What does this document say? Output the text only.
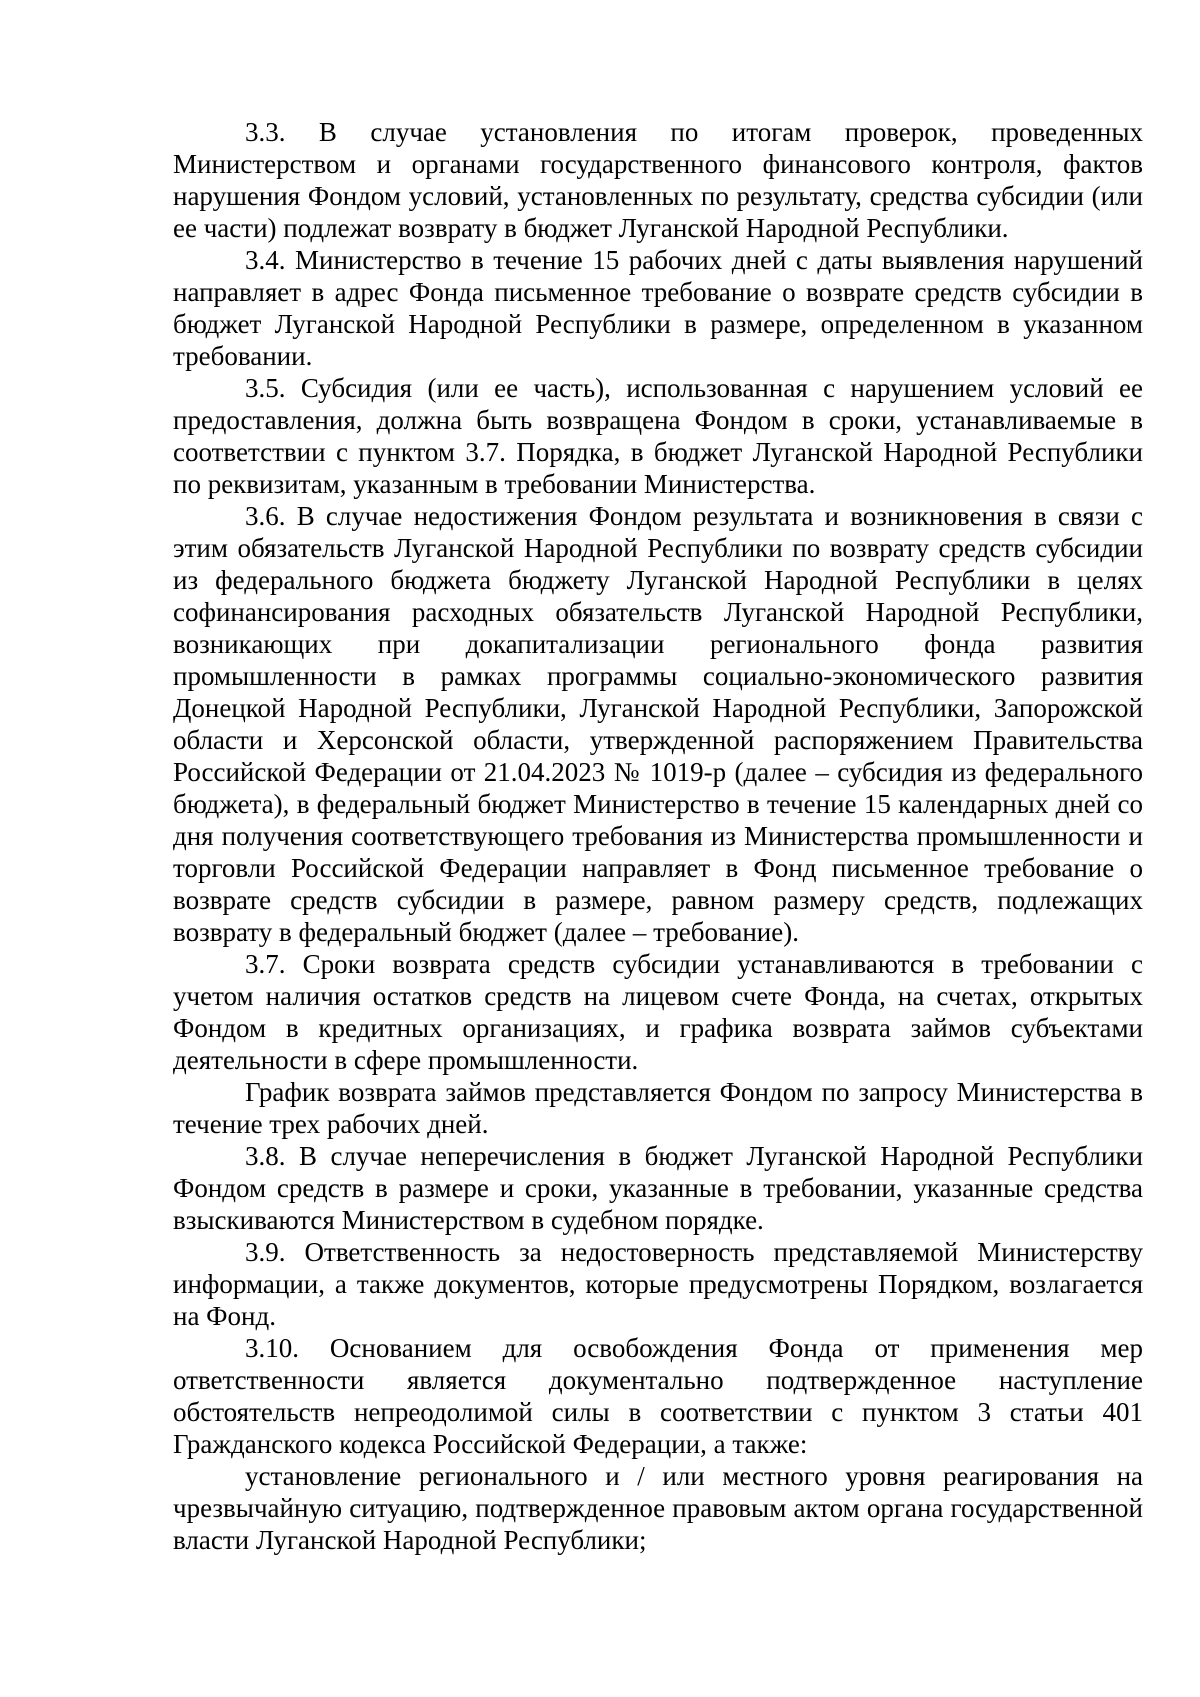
3.3. В случае установления по итогам проверок, проведенных Министерством и органами государственного финансового контроля, фактов нарушения Фондом условий, установленных по результату, средства субсидии (или ее части) подлежат возврату в бюджет Луганской Народной Республики.

3.4. Министерство в течение 15 рабочих дней с даты выявления нарушений направляет в адрес Фонда письменное требование о возврате средств субсидии в бюджет Луганской Народной Республики в размере, определенном в указанном требовании.

3.5. Субсидия (или ее часть), использованная с нарушением условий ее предоставления, должна быть возвращена Фондом в сроки, устанавливаемые в соответствии с пунктом 3.7. Порядка, в бюджет Луганской Народной Республики по реквизитам, указанным в требовании Министерства.

3.6. В случае недостижения Фондом результата и возникновения в связи с этим обязательств Луганской Народной Республики по возврату средств субсидии из федерального бюджета бюджету Луганской Народной Республики в целях софинансирования расходных обязательств Луганской Народной Республики, возникающих при докапитализации регионального фонда развития промышленности в рамках программы социально-экономического развития Донецкой Народной Республики, Луганской Народной Республики, Запорожской области и Херсонской области, утвержденной распоряжением Правительства Российской Федерации от 21.04.2023 № 1019-р (далее – субсидия из федерального бюджета), в федеральный бюджет Министерство в течение 15 календарных дней со дня получения соответствующего требования из Министерства промышленности и торговли Российской Федерации направляет в Фонд письменное требование о возврате средств субсидии в размере, равном размеру средств, подлежащих возврату в федеральный бюджет (далее – требование).

3.7. Сроки возврата средств субсидии устанавливаются в требовании с учетом наличия остатков средств на лицевом счете Фонда, на счетах, открытых Фондом в кредитных организациях, и графика возврата займов субъектами деятельности в сфере промышленности.

График возврата займов представляется Фондом по запросу Министерства в течение трех рабочих дней.

3.8. В случае неперечисления в бюджет Луганской Народной Республики Фондом средств в размере и сроки, указанные в требовании, указанные средства взыскиваются Министерством в судебном порядке.

3.9. Ответственность за недостоверность представляемой Министерству информации, а также документов, которые предусмотрены Порядком, возлагается на Фонд.

3.10. Основанием для освобождения Фонда от применения мер ответственности является документально подтвержденное наступление обстоятельств непреодолимой силы в соответствии с пунктом 3 статьи 401 Гражданского кодекса Российской Федерации, а также:

установление регионального и / или местного уровня реагирования на чрезвычайную ситуацию, подтвержденное правовым актом органа государственной власти Луганской Народной Республики;
